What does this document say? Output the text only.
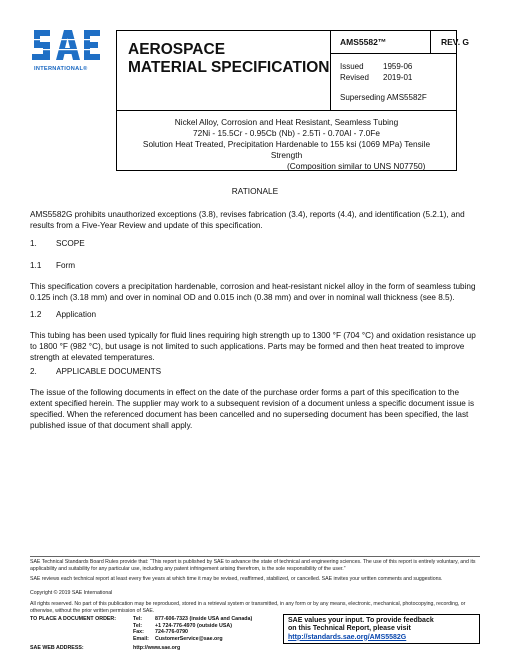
INTERNATIONAL®
AEROSPACE
MATERIAL SPECIFICATION
AMS5582™	REV. G
Issued 1959-06
Revised 2019-01
Superseding AMS5582F
Nickel Alloy, Corrosion and Heat Resistant, Seamless Tubing
72Ni - 15.5Cr - 0.95Cb (Nb) - 2.5Ti - 0.70Al - 7.0Fe
Solution Heat Treated, Precipitation Hardenable to 155 ksi (1069 MPa) Tensile
Strength
(Composition similar to UNS N07750)
RATIONALE
AMS5582G prohibits unauthorized exceptions (3.8), revises fabrication (3.4), reports (4.4), and identification (5.2.1), and results from a Five-Year Review and update of this specification.
1. SCOPE
1.1 Form
This specification covers a precipitation hardenable, corrosion and heat-resistant nickel alloy in the form of seamless tubing 0.125 inch (3.18 mm) and over in nominal OD and 0.015 inch (0.38 mm) and over in nominal wall thickness (see 8.5).
1.2 Application
This tubing has been used typically for fluid lines requiring high strength up to 1300 °F (704 °C) and oxidation resistance up to 1800 °F (982 °C), but usage is not limited to such applications. Parts may be formed and then heat treated to improve strength at elevated temperatures.
2. APPLICABLE DOCUMENTS
The issue of the following documents in effect on the date of the purchase order forms a part of this specification to the extent specified herein. The supplier may work to a subsequent revision of a document unless a specific document issue is specified. When the referenced document has been cancelled and no superseding document has been specified, the last published issue of that document shall apply.
SAE Technical Standards Board Rules provide that: “This report is published by SAE to advance the state of technical and engineering sciences. The use of this report is entirely voluntary, and its applicability and suitability for any particular use, including any patent infringement arising therefrom, is the sole responsibility of the user.”
SAE reviews each technical report at least every five years at which time it may be revised, reaffirmed, stabilized, or cancelled. SAE invites your written comments and suggestions.
Copyright © 2019 SAE International
All rights reserved. No part of this publication may be reproduced, stored in a retrieval system or transmitted, in any form or by any means, electronic, mechanical, photocopying, recording, or otherwise, without the prior written permission of SAE.
TO PLACE A DOCUMENT ORDER:	Tel: 877-606-7323 (inside USA and Canada)
Tel: +1 724-776-4970 (outside USA)
Fax: 724-776-0790
Email: CustomerService@sae.org
SAE WEB ADDRESS:	http://www.sae.org
SAE values your input. To provide feedback
on this Technical Report, please visit
http://standards.sae.org/AMS5582G
